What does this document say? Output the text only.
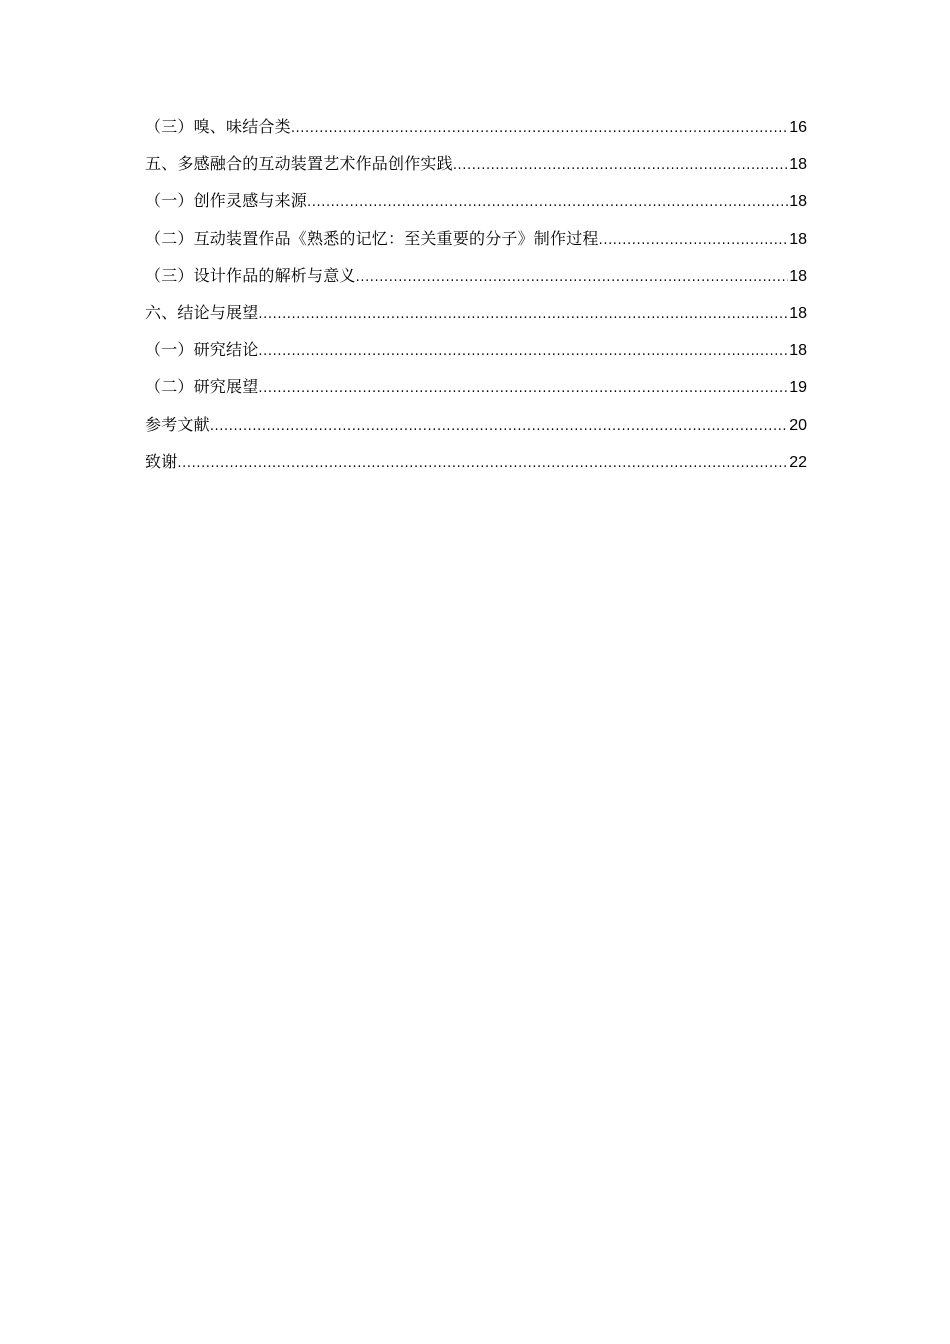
（三）嗅、味结合类 .....	16
五、多感融合的互动装置艺术作品创作实践 .....	18
（一）创作灵感与来源 .....	18
（二）互动装置作品《熟悉的记忆：至关重要的分子》制作过程 .....	18
（三）设计作品的解析与意义 .....	18
六、结论与展望 .....	18
（一）研究结论 .....	18
（二）研究展望 .....	19
参考文献 .....	20
致谢 .....	22
